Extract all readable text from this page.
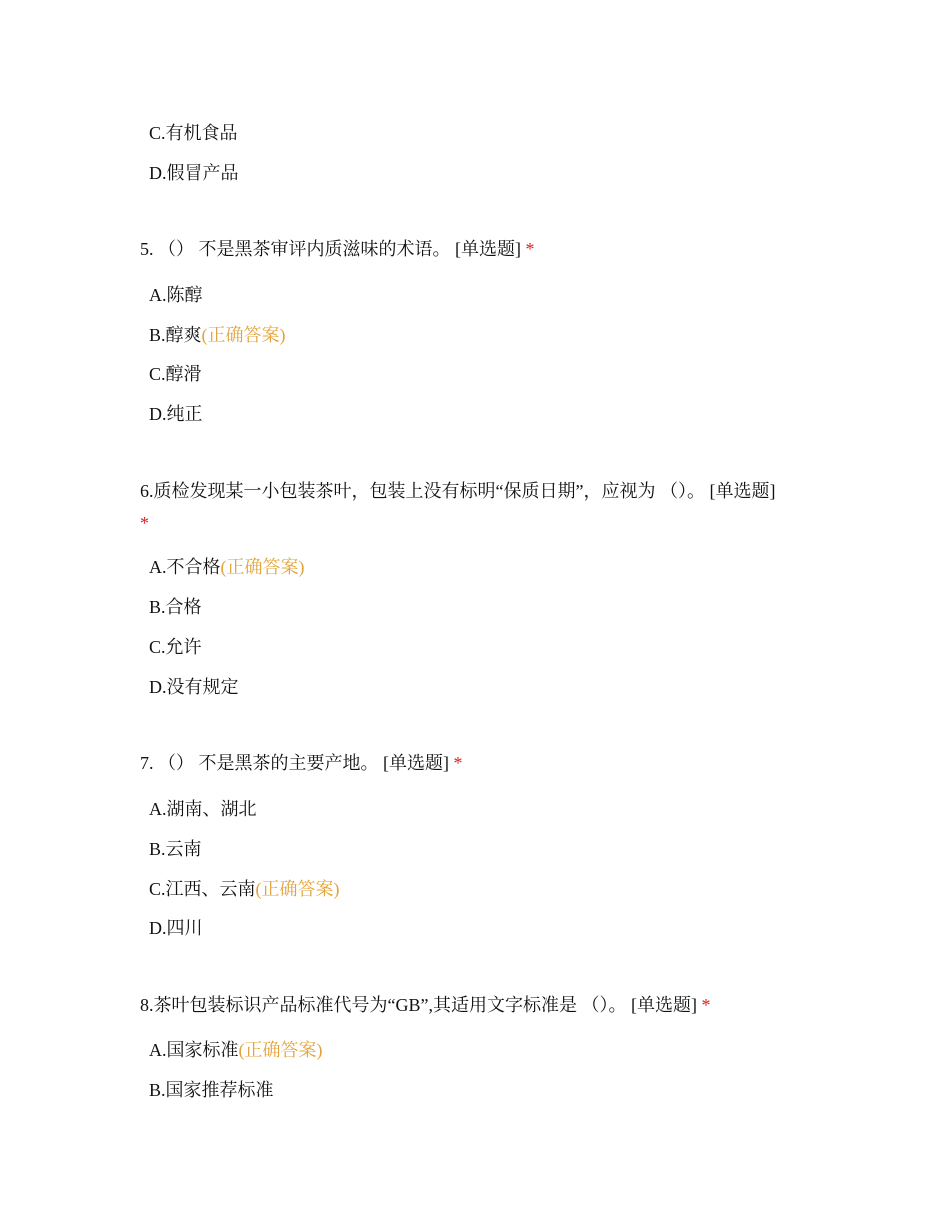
C.有机食品
D.假冒产品
5. （） 不是黑茶审评内质滋味的术语。 [单选题] *
A.陈醇
B.醇爽(正确答案)
C.醇滑
D.纯正
6.质检发现某一小包装茶叶，包装上没有标明“保质日期”，应视为 （）。 [单选题]
*
A.不合格(正确答案)
B.合格
C.允许
D.没有规定
7. （） 不是黑茶的主要产地。 [单选题] *
A.湖南、湖北
B.云南
C.江西、云南(正确答案)
D.四川
8.茶叶包装标识产品标准代号为“GB”,其适用文字标准是 （）。 [单选题] *
A.国家标准(正确答案)
B.国家推荐标准
